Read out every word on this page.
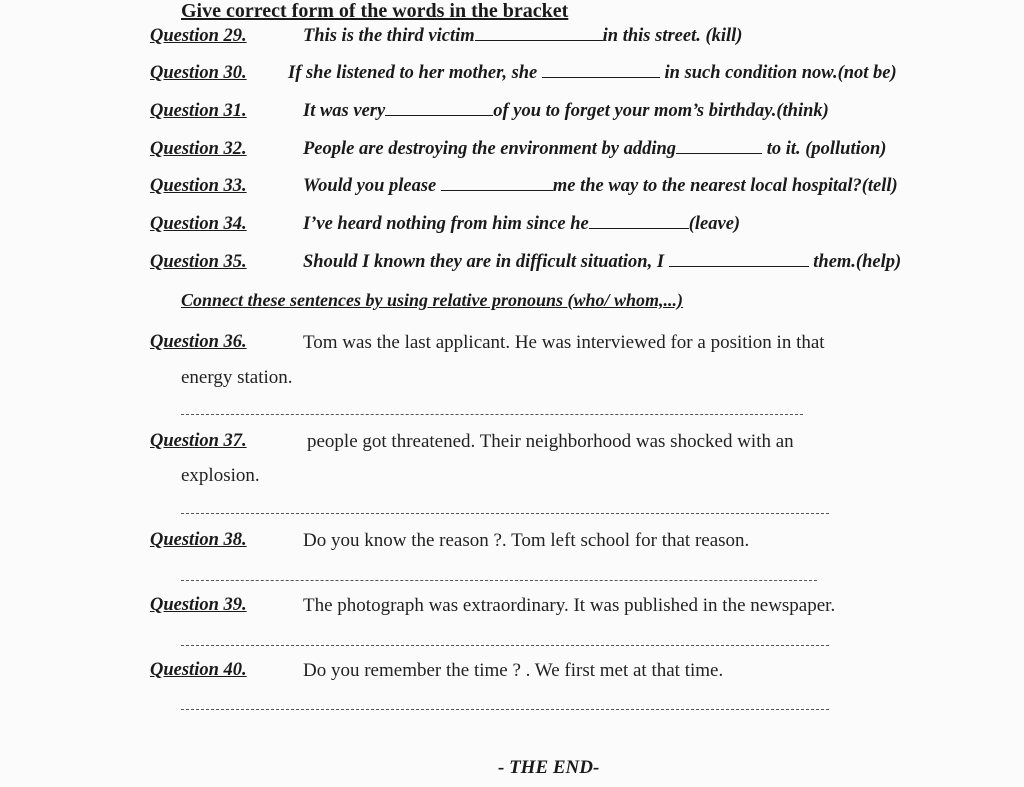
Give correct form of the words in the bracket
Question 29.	This is the third victim	in this street. (kill)
Question 30. If she listened to her mother, she	in such condition now.(not be)
Question 31.	It was very	of you to forget your mom’s birthday.(think)
Question 32.	People are destroying the environment by adding	to it. (pollution)
Question 33.	Would you please	me the way to the nearest local hospital?(tell)
Question 34.	I’ve heard nothing from him since he	(leave)
Question 35.	Should I known they are in difficult situation, I	them.(help)
Connect these sentences by using relative pronouns (who/ whom,...)
Question 36.	Tom was the last applicant. He was interviewed for a position in that
energy station.
Question 37.	people got threatened. Their neighborhood was shocked with an
explosion.
Question 38.	Do you know the reason ?. Tom left school for that reason.
Question 39.	The photograph was extraordinary. It was published in the newspaper.
Question 40.	Do you remember the time ? . We first met at that time.
- THE END-
